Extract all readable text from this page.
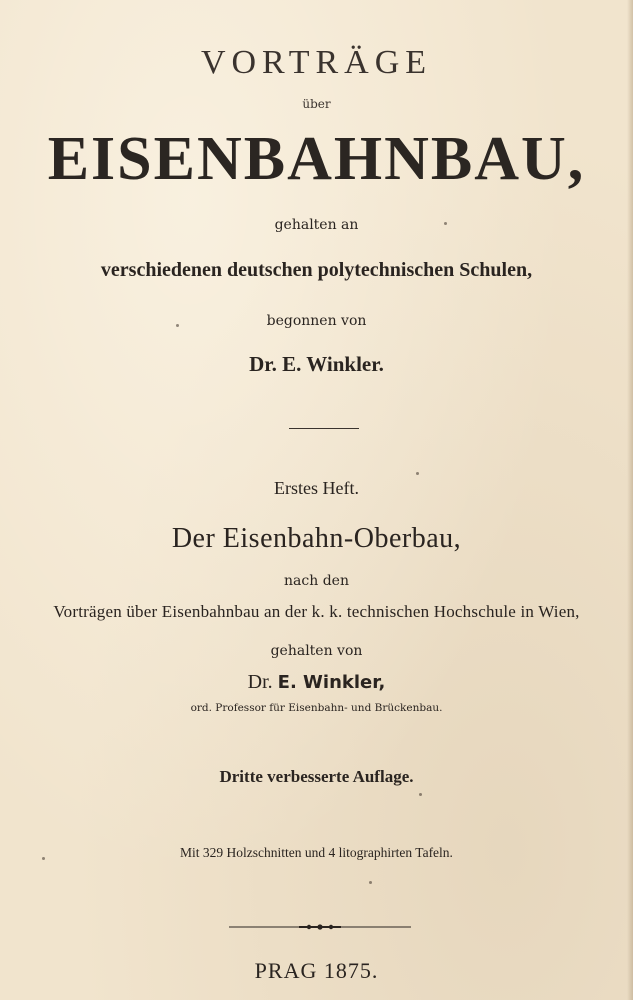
VORTRÄGE
über
EISENBAHNBAU,
gehalten an
verschiedenen deutschen polytechnischen Schulen,
begonnen von
Dr. E. Winkler.
Erstes Heft.
Der Eisenbahn-Oberbau,
nach den
Vorträgen über Eisenbahnbau an der k. k. technischen Hochschule in Wien,
gehalten von
Dr. E. Winkler,
ord. Professor für Eisenbahn- und Brückenbau.
Dritte verbesserte Auflage.
Mit 329 Holzschnitten und 4 litographirten Tafeln.
PRAG 1875.
